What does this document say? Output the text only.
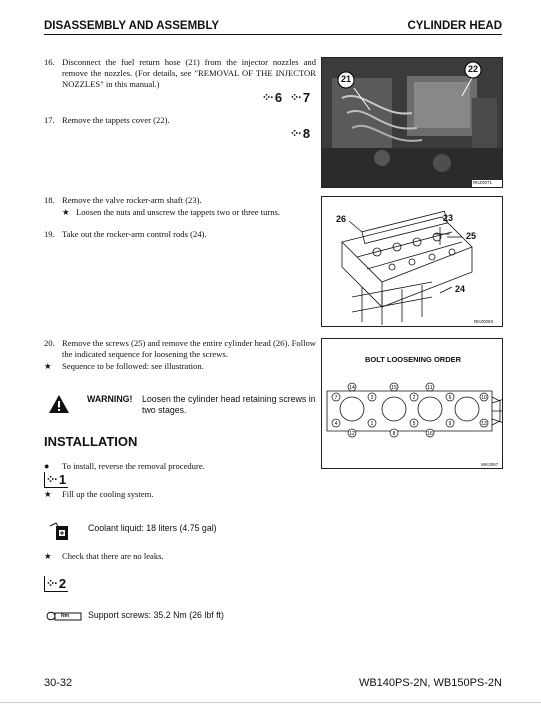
DISASSEMBLY AND ASSEMBLY	CYLINDER HEAD
16. Disconnect the fuel return hose (21) from the injector nozzles and remove the nozzles. (For details, see "REMOVAL OF THE INJECTOR NOZZLES" in this manual.)
⁘· 6 ⁘· 7
17. Remove the tappets cover (22).
⁘· 8
21
22
RKZ0071
18. Remove the valve rocker-arm shaft (23).
★ Loosen the nuts and unscrew the tappets two or three turns.
19. Take out the rocker-arm control rods (24).
26	23
25
24
RKZ0083
20. Remove the screws (25) and remove the entire cylinder head (26). Follow the indicated sequence for loosening the screws.
★ Sequence to be followed: see illustration.
BOLT LOOSENING ORDER
7	3	2	6	10
14	15	11
4	1	5	9	13
12	8	16
WK2067
WARNING! Loosen the cylinder head retaining screws in two stages.
INSTALLATION
● To install, reverse the removal procedure.
⁘· 1
★ Fill up the cooling system.
Coolant liquid: 18 liters (4.75 gal)
★ Check that there are no leaks.
⁘· 2
Nm Support screws: 35.2 Nm (26 lbf ft)
30-32	WB140PS-2N, WB150PS-2N
